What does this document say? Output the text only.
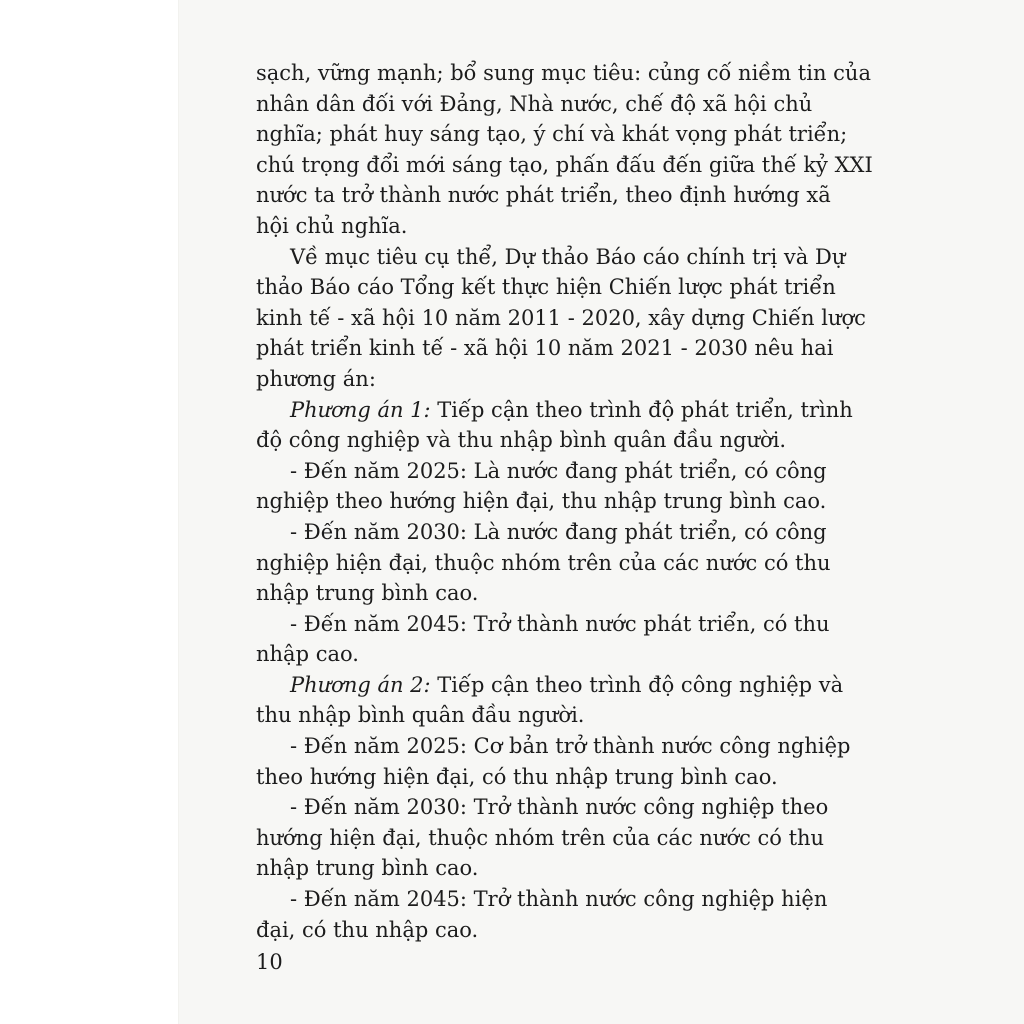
sạch, vững mạnh; bổ sung mục tiêu: củng cố niềm tin của
nhân dân đối với Đảng, Nhà nước, chế độ xã hội chủ
nghĩa; phát huy sáng tạo, ý chí và khát vọng phát triển;
chú trọng đổi mới sáng tạo, phấn đấu đến giữa thế kỷ XXI
nước ta trở thành nước phát triển, theo định hướng xã
hội chủ nghĩa.

Về mục tiêu cụ thể, Dự thảo Báo cáo chính trị và Dự
thảo Báo cáo Tổng kết thực hiện Chiến lược phát triển
kinh tế - xã hội 10 năm 2011 - 2020, xây dựng Chiến lược
phát triển kinh tế - xã hội 10 năm 2021 - 2030 nêu hai
phương án:

Phương án 1: Tiếp cận theo trình độ phát triển, trình
độ công nghiệp và thu nhập bình quân đầu người.

- Đến năm 2025: Là nước đang phát triển, có công
nghiệp theo hướng hiện đại, thu nhập trung bình cao.

- Đến năm 2030: Là nước đang phát triển, có công
nghiệp hiện đại, thuộc nhóm trên của các nước có thu
nhập trung bình cao.

- Đến năm 2045: Trở thành nước phát triển, có thu
nhập cao.

Phương án 2: Tiếp cận theo trình độ công nghiệp và
thu nhập bình quân đầu người.

- Đến năm 2025: Cơ bản trở thành nước công nghiệp
theo hướng hiện đại, có thu nhập trung bình cao.

- Đến năm 2030: Trở thành nước công nghiệp theo
hướng hiện đại, thuộc nhóm trên của các nước có thu
nhập trung bình cao.

- Đến năm 2045: Trở thành nước công nghiệp hiện
đại, có thu nhập cao.

10
